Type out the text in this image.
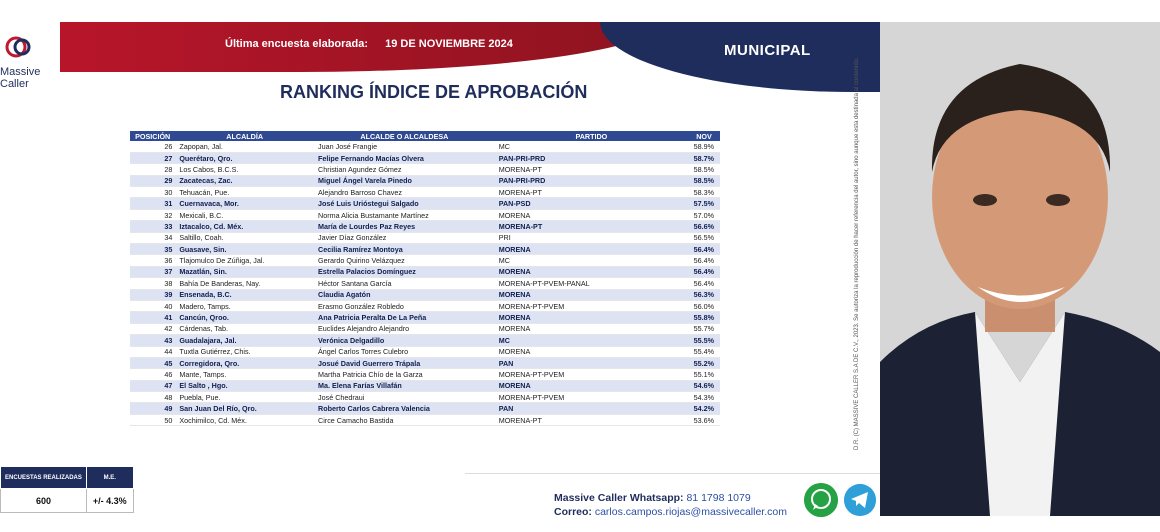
Última encuesta elaborada: 19 DE NOVIEMBRE 2024	MUNICIPAL
Massive
Caller	RANKING ÍNDICE DE APROBACIÓN
POSICIÓN	ALCALDÍA	ALCALDE O ALCALDESA	PARTIDO	NOV
26	Zapopan, Jal.	Juan José Frangie	MC	58.9%
27	Querétaro, Qro.	Felipe Fernando Macías Olvera	PAN-PRI-PRD	58.7%
28	Los Cabos, B.C.S.	Christian Agundez Gómez	MORENA-PT	58.5%
29	Zacatecas, Zac.	Miguel Ángel Varela Pinedo	PAN-PRI-PRD	58.5%
30	Tehuacán, Pue.	Alejandro Barroso Chavez	MORENA-PT	58.3%
31	Cuernavaca, Mor.	José Luis Urióstegui Salgado	PAN-PSD	57.5%
32	Mexicali, B.C.	Norma Alicia Bustamante Martínez	MORENA	57.0%
33	Iztacalco, Cd. Méx.	María de Lourdes Paz Reyes	MORENA-PT	56.6%
34	Saltillo, Coah.	Javier Díaz González	PRI	56.5%
35	Guasave, Sin.	Cecilia Ramírez Montoya	MORENA	56.4%
36	Tlajomulco De Zúñiga, Jal.	Gerardo Quirino Velázquez	MC	56.4%
37	Mazatlán, Sin.	Estrella Palacios Domínguez	MORENA	56.4%
38	Bahía De Banderas, Nay.	Héctor Santana García	MORENA-PT-PVEM-PANAL	56.4%
39	Ensenada, B.C.	Claudia Agatón	MORENA	56.3%
40	Madero, Tamps.	Erasmo González Robledo	MORENA-PT-PVEM	56.0%
41	Cancún, Qroo.	Ana Patricia Peralta De La Peña	MORENA	55.8%
42	Cárdenas, Tab.	Euclides Alejandro Alejandro	MORENA	55.7%
43	Guadalajara, Jal.	Verónica Delgadillo	MC	55.5%
44	Tuxtla Gutiérrez, Chis.	Ángel Carlos Torres Culebro	MORENA	55.4%
45	Corregidora, Qro.	Josué David Guerrero Trápala	PAN	55.2%
46	Mante, Tamps.	Martha Patricia Chío de la Garza	MORENA-PT-PVEM	55.1%
47	El Salto , Hgo.	Ma. Elena Farías Villafán	MORENA	54.6%
48	Puebla, Pue.	José Chedraui	MORENA-PT-PVEM	54.3%
49	San Juan Del Río, Qro.	Roberto Carlos Cabrera Valencia	PAN	54.2%
50	Xochimilco, Cd. Méx.	Circe Camacho Bastida	MORENA-PT	53.6%	D.R. (C) MASSIVE CALLER S.A DE C.V., 2023. Se autoriza la reproducción de hacer referencia del autor, sino aunque esta destinada al contenido.
ENCUESTAS REALIZADAS	M.E.
600	+/- 4.3%	Massive Caller Whatsapp: 81 1798 1079
Correo: carlos.campos.riojas@massivecaller.com
